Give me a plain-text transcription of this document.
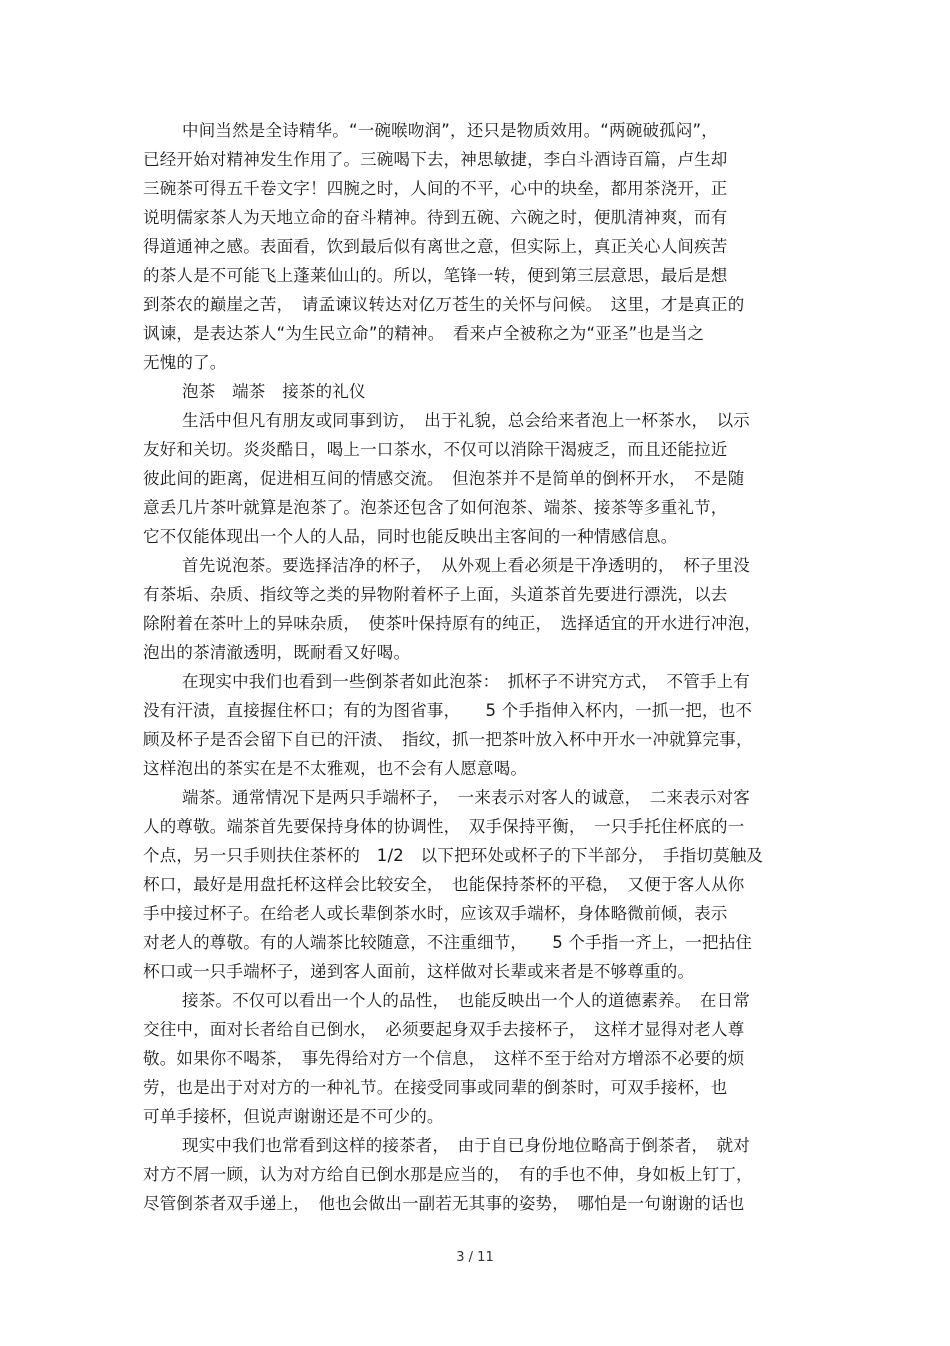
中间当然是全诗精华。“一碗喉吻润”，还只是物质效用。“两碗破孤闷”，
已经开始对精神发生作用了。三碗喝下去，神思敏捷，李白斗酒诗百篇，卢生却
三碗茶可得五千卷文字！四腕之时，人间的不平，心中的块垒，都用茶浇开，正
说明儒家茶人为天地立命的奋斗精神。待到五碗、六碗之时，便肌清神爽，而有
得道通神之感。表面看，饮到最后似有离世之意，但实际上，真正关心人间疾苦
的茶人是不可能飞上蓬莱仙山的。所以，笔锋一转，便到第三层意思，最后是想
到茶农的巅崖之苦，　请孟谏议转达对亿万苍生的关怀与问候。　这里，才是真正的
讽谏，是表达茶人“为生民立命”的精神。　看来卢全被称之为“亚圣”也是当之
无愧的了。
泡茶　端茶　接茶的礼仪
生活中但凡有朋友或同事到访，　出于礼貌，总会给来者泡上一杯茶水，　以示
友好和关切。炎炎酷日，喝上一口茶水，不仅可以消除干渴疲乏，而且还能拉近
彼此间的距离，促进相互间的情感交流。　但泡茶并不是简单的倒杯开水，　不是随
意丢几片茶叶就算是泡茶了。泡茶还包含了如何泡茶、端茶、接茶等多重礼节，
它不仅能体现出一个人的人品，同时也能反映出主客间的一种情感信息。
首先说泡茶。要选择洁净的杯子，　从外观上看必须是干净透明的，　杯子里没
有茶垢、杂质、指纹等之类的异物附着杯子上面，头道茶首先要进行漂洗，以去
除附着在茶叶上的异味杂质，　使茶叶保持原有的纯正，　选择适宜的开水进行冲泡，
泡出的茶清澈透明，既耐看又好喝。
在现实中我们也看到一些倒茶者如此泡茶：　抓杯子不讲究方式，　不管手上有
没有汗渍，直接握住杯口；有的为图省事，　　5 个手指伸入杯内，一抓一把，也不
顾及杯子是否会留下自已的汗渍、　指纹，抓一把茶叶放入杯中开水一冲就算完事，
这样泡出的茶实在是不太雅观，也不会有人愿意喝。
端茶。通常情况下是两只手端杯子，　一来表示对客人的诚意，　二来表示对客
人的尊敬。端茶首先要保持身体的协调性，　双手保持平衡，　一只手托住杯底的一
个点，另一只手则扶住茶杯的　1/2　以下把环处或杯子的下半部分，　手指切莫触及
杯口，最好是用盘托杯这样会比较安全，　也能保持茶杯的平稳，　又便于客人从你
手中接过杯子。在给老人或长辈倒茶水时，应该双手端杯，身体略微前倾，表示
对老人的尊敬。有的人端茶比较随意，不注重细节，　　5 个手指一齐上，一把拈住
杯口或一只手端杯子，递到客人面前，这样做对长辈或来者是不够尊重的。
接茶。不仅可以看出一个人的品性，　也能反映出一个人的道德素养。　在日常
交往中，面对长者给自已倒水，　必须要起身双手去接杯子，　这样才显得对老人尊
敬。如果你不喝茶，　事先得给对方一个信息，　这样不至于给对方增添不必要的烦
劳，也是出于对对方的一种礼节。在接受同事或同辈的倒茶时，可双手接杯，也
可单手接杯，但说声谢谢还是不可少的。
现实中我们也常看到这样的接茶者，　由于自已身份地位略高于倒茶者，　就对
对方不屑一顾，认为对方给自已倒水那是应当的，　有的手也不伸，身如板上钉丁，
尽管倒茶者双手递上，　他也会做出一副若无其事的姿势，　哪怕是一句谢谢的话也
3 / 11
